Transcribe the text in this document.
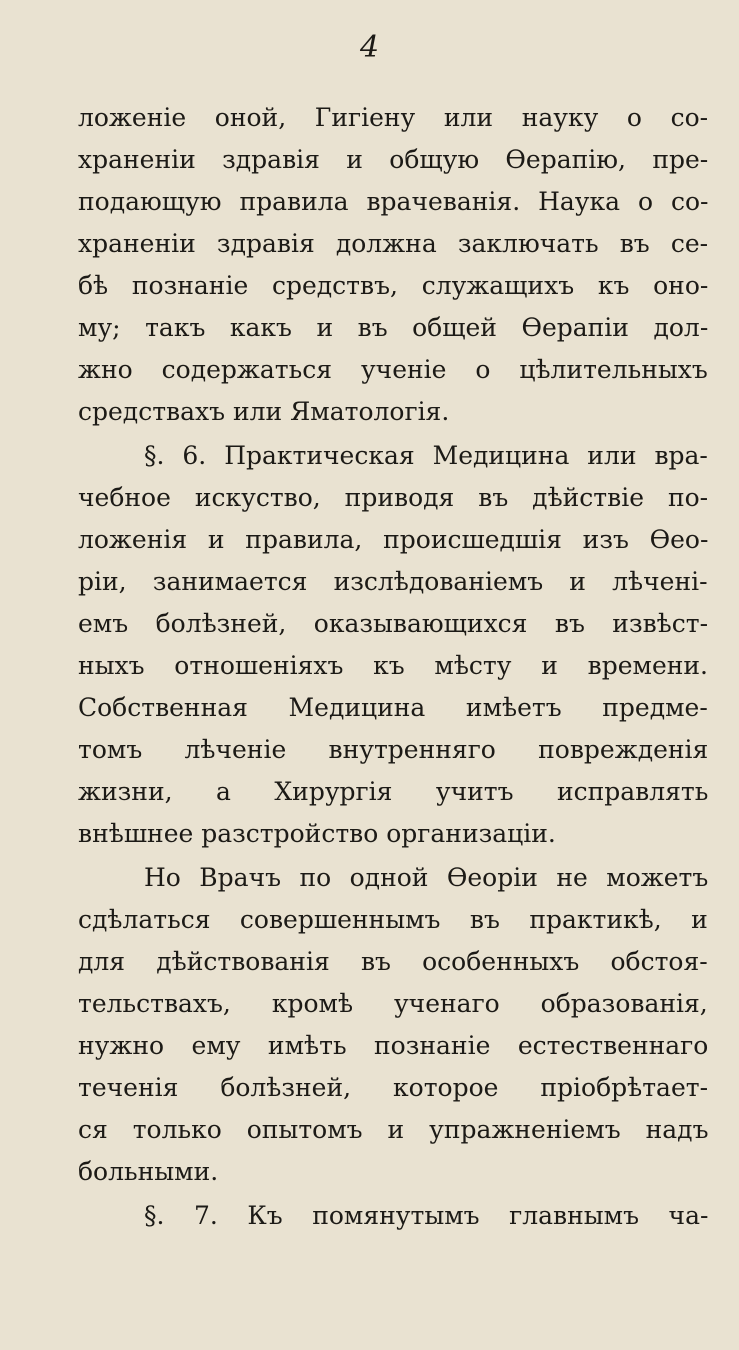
4
ложеніе оной, Гигіену или науку о со-
храненіи здравія и общую Өерапію, пре-
подающую правила врачеванія. Наука о со-
храненіи здравія должна заключать въ се-
бѣ познаніе средствъ, служащихъ къ оно-
му; такъ какъ и въ общей Өерапіи дол-
жно содержаться ученіе о цѣлительныхъ
средствахъ или Яматологія.
§. 6. Практическая Медицина или вра-
чебное искуство, приводя въ дѣйствіе по-
ложенія и правила, происшедшія изъ Өео-
ріи, занимается изслѣдованіемъ и лѣченi-
емъ болѣзней, оказывающихся въ извѣст-
ныхъ отношеніяхъ къ мѣсту и времени.
Собственная Медицина имѣетъ предме-
томъ лѣченіе внутренняго поврежденія
жизни, а Хирургія учитъ исправлять
внѣшнее разстройство организаціи.
Но Врачъ по одной Өеоріи не можетъ
сдѣлаться совершеннымъ въ практикѣ, и
для дѣйствованія въ особенныхъ обстоя-
тельствахъ, кромѣ ученаго образованія,
нужно ему имѣть познаніе естественнаго
теченія болѣзней, которое пріобрѣтает-
ся только опытомъ и упражненіемъ надъ
больными.
§. 7. Къ помянутымъ главнымъ ча-
